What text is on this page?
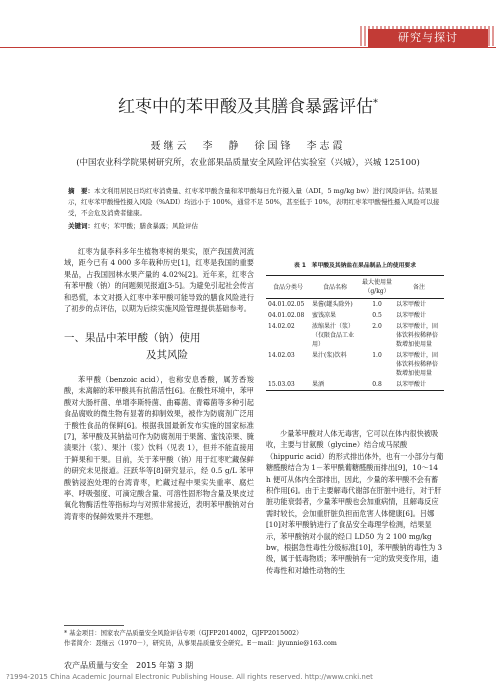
研究与探讨
红枣中的苯甲酸及其膳食暴露评估*
聂继云　李　静　徐国锋　李志霞
(中国农业科学院果树研究所，农业部果品质量安全风险评估实验室（兴城），兴城 125100)
摘　要：本文利用居民日均红枣消费量、红枣苯甲酸含量和苯甲酸每日允许摄入量（ADI，5 mg/kg bw）进行风险评估。结果显示，红枣苯甲酸慢性摄入风险（%ADI）均远小于 100%，通常不足 50%，甚至低于 10%，表明红枣苯甲酸慢性摄入风险可以接受，不会危及消费者健康。
关键词：红枣；苯甲酸；膳食暴露；风险评估
红枣为鼠李科多年生植物枣树的果实，原产我国黄河流域，距今已有 4 000 多年栽种历史[1]，红枣是我国的重要果品，占我国园林水果产量的 4.02%[2]。近年来，红枣含有苯甲酸（钠）的问题频见报道[3-5]。为避免引起社会传言和恐慌，本文对摄入红枣中苯甲酸可能导致的膳食风险进行了初步的点评估，以期为后续实施风险管理提供基础参考。
一、果品中苯甲酸（钠）使用
及其风险
苯甲酸（benzoic acid），也称安息香酸，属芳香羧酸，未离解的苯甲酸具有抗菌活性[6]。在酸性环境中，苯甲酸对大肠杆菌、单增李斯特菌、曲霉菌、青霉菌等多种引起食品腐败的微生物有显著的抑制效果，被作为防腐剂广泛用于酸性食品的保鲜[6]。根据我国最新发布实施的国家标准[7]，苯甲酸及其钠盐可作为防腐剂用于果酱、蜜饯凉果、腌渍果汁（浆）、果汁（浆）饮料（见表 1），但并不能直接用于鲜果和干果。目前，关于苯甲酸（钠）用于红枣贮藏保鲜的研究未见报道。汪跃华等[8]研究显示，经 0.5 g/L 苯甲酸钠浸泡处理的台湾青枣，贮藏过程中果实失重率、腐烂率、呼吸强度、可滴定酸含量、可溶性固形物含量及果皮过氧化物酶活性等指标均与对照非常接近，表明苯甲酸钠对台湾青枣的保鲜效果并不理想。
表 1　苯甲酸及其钠盐在果品制品上的使用要求
食品分类号	食品名称	最大使用量（g/kg）	备注
04.01.02.05	果酱(罐头除外)	1.0	以苯甲酸计
04.01.02.08	蜜饯凉果	0.5	以苯甲酸计
14.02.02	浓缩果汁（浆）（仅限食品工业用）	2.0	以苯甲酸计，固体饮料按稀释倍数增加使用量
14.02.03	果汁(浆)饮料	1.0	以苯甲酸计，固体饮料按稀释倍数增加使用量
15.03.03	果酒	0.8	以苯甲酸计
少量苯甲酸对人体无毒害，它可以在体内很快被吸收，主要与甘氨酸（glycine）结合成马尿酸（hippuric acid）的形式排出体外，也有一小部分与葡糖醛酸结合为 1－苯甲酰葡糖醛酸而排出[9]，10～14 h 便可从体内全部排出，因此，少量的苯甲酸不会有蓄积作用[6]。由于主要解毒代谢部在肝脏中进行，对于肝脏功能衰弱者，少量苯甲酸也会加重病情，且解毒反应需时较长，会加重肝脏负担而危害人体健康[6]。吕娜[10]对苯甲酸钠进行了食品安全毒理学检测，结果显示，苯甲酸钠对小鼠的经口 LD50 为 2 100 mg/kg bw，根据急性毒性分级标准[10]，苯甲酸钠的毒性为 3 级，属于低毒物质；苯甲酸钠有一定的致突变作用，遗传毒性和对雄性动物的生
* 基金项目：国家农产品质量安全风险评估专项（GJFP2014002，GJFP2015002）
作者简介：聂继云（1970－），研究员，从事果品质量安全研究。E－mail：jiyunnie@163.com
农产品质量与安全　2015 年第 3 期
?1994-2015 China Academic Journal Electronic Publishing House. All rights reserved. http://www.cnki.net
